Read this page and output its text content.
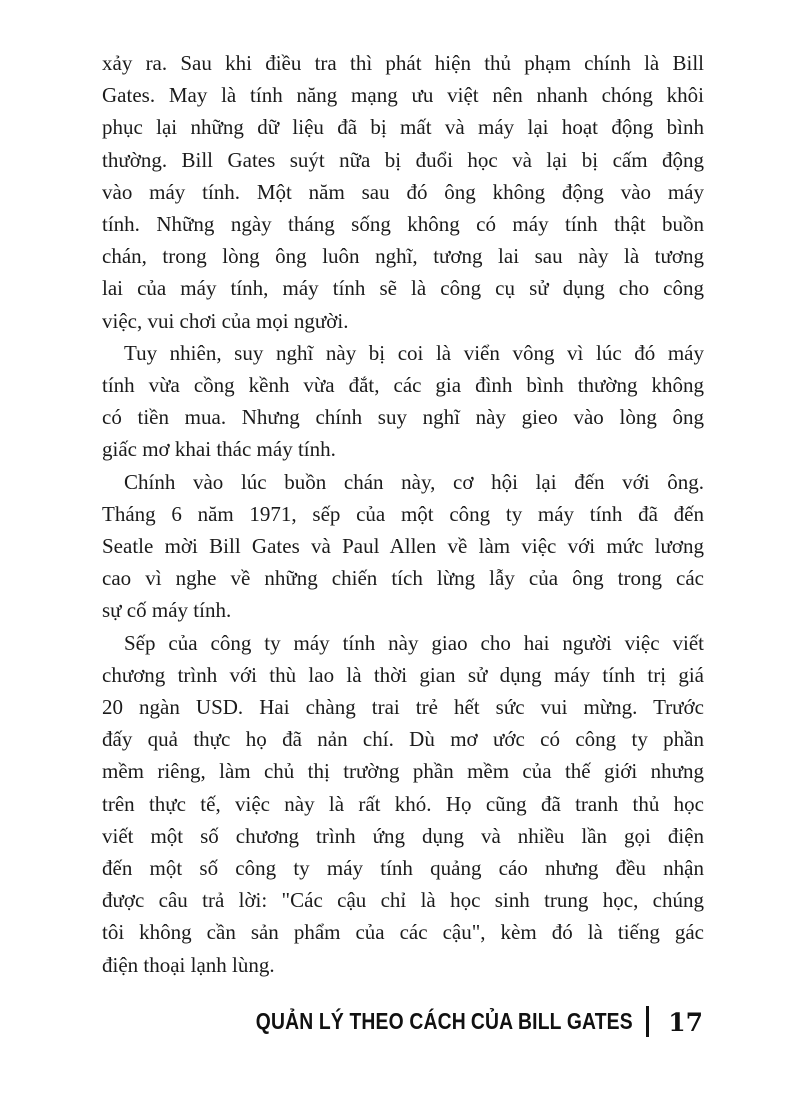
xảy ra. Sau khi điều tra thì phát hiện thủ phạm chính là Bill
Gates. May là tính năng mạng ưu việt nên nhanh chóng khôi
phục lại những dữ liệu đã bị mất và máy lại hoạt động bình
thường. Bill Gates suýt nữa bị đuổi học và lại bị cấm động
vào máy tính. Một năm sau đó ông không động vào máy
tính. Những ngày tháng sống không có máy tính thật buồn
chán, trong lòng ông luôn nghĩ, tương lai sau này là tương
lai của máy tính, máy tính sẽ là công cụ sử dụng cho công
việc, vui chơi của mọi người.
Tuy nhiên, suy nghĩ này bị coi là viển vông vì lúc đó máy
tính vừa cồng kềnh vừa đắt, các gia đình bình thường không
có tiền mua. Nhưng chính suy nghĩ này gieo vào lòng ông
giấc mơ khai thác máy tính.
Chính vào lúc buồn chán này, cơ hội lại đến với ông.
Tháng 6 năm 1971, sếp của một công ty máy tính đã đến
Seatle mời Bill Gates và Paul Allen về làm việc với mức lương
cao vì nghe về những chiến tích lừng lẫy của ông trong các
sự cố máy tính.
Sếp của công ty máy tính này giao cho hai người việc viết
chương trình với thù lao là thời gian sử dụng máy tính trị giá
20 ngàn USD. Hai chàng trai trẻ hết sức vui mừng. Trước
đấy quả thực họ đã nản chí. Dù mơ ước có công ty phần
mềm riêng, làm chủ thị trường phần mềm của thế giới nhưng
trên thực tế, việc này là rất khó. Họ cũng đã tranh thủ học
viết một số chương trình ứng dụng và nhiều lần gọi điện
đến một số công ty máy tính quảng cáo nhưng đều nhận
được câu trả lời: "Các cậu chỉ là học sinh trung học, chúng
tôi không cần sản phẩm của các cậu", kèm đó là tiếng gác
điện thoại lạnh lùng.
QUẢN LÝ THEO CÁCH CỦA BILL GATES 17
